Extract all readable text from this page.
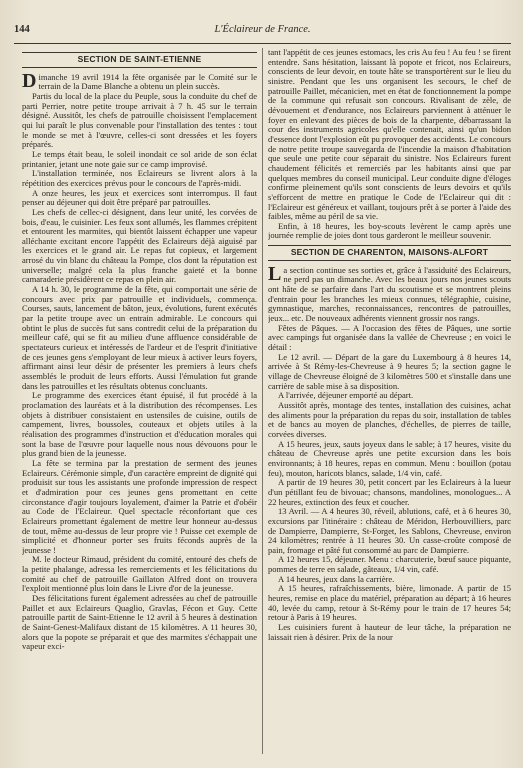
144	L'Éclaireur de France.
SECTION DE SAINT-ETIENNE

Dimanche 19 avril 1914 la fête organisée par le Comité sur le terrain de la Dame Blanche a obtenu un plein succès.

Partis du local de la place du Peuple, sous la conduite du chef de parti Perrier, notre petite troupe arrivait à 7 h. 45 sur le terrain désigné. Aussitôt, les chefs de patrouille choisissent l'emplacement qui lui paraît le plus convenable pour l'installation des tentes : tout le monde se met à l'œuvre, celles-ci sont dressées et les foyers préparés.

Le temps était beau, le soleil inondait ce sol aride de son éclat printanier, jetant une note gaie sur ce camp improvisé.

L'installation terminée, nos Eclaireurs se livrent alors à la répétition des exercices prévus pour le concours de l'après-midi.

A onze heures, les jeux et exercices sont interrompus. Il faut penser au déjeuner qui doit être préparé par patrouilles.

Les chefs de cellec-ci désignent, dans leur unité, les corvées de bois, d'eau, le cuisinier. Les feux sont allumés, les flammes crépitent et entourent les marmites, qui bientôt laissent échapper une vapeur alléchante excitant encore l'appétit des Eclaireurs déjà aiguisé par les exercices et le grand air. Le repas fut copieux, et largement arrosé du vin blanc du château la Pompe, clos dont la réputation est universelle; malgré cela la plus franche gaieté et la bonne camaraderie présidèrent ce repas en plein air.

A 14 h. 30, le programme de la fête, qui comportait une série de concours avec prix par patrouille et individuels, commença. Courses, sauts, lancement de bâton, jeux, évolutions, furent exécutés par la petite troupe avec un entrain admirable. Le concours qui obtint le plus de succès fut sans contredit celui de la préparation du meilleur café, qui se fit au milieu d'une affluence considérable de spectateurs curieux et intéressés de l'ardeur et de l'esprit d'initiative de ces jeunes gens s'employant de leur mieux à activer leurs foyers, affirmant ainsi leur désir de présenter les premiers à leurs chefs assemblés le produit de leurs efforts. Aussi l'émulation fut grande dans les patrouilles et les résultats obtenus concluants.

Le programme des exercices étant épuisé, il fut procédé à la proclamation des lauréats et à la distribution des récompenses. Les objets à distribuer consistaient en ustensiles de cuisine, outils de campement, livres, boussoles, couteaux et objets utiles à la réalisation des programmes d'instruction et d'éducation morales qui sont la base de l'œuvre pour laquelle nous nous dévouons pour le plus grand bien de la jeunesse.

La fête se termina par la prestation de serment des jeunes Eclaireurs. Cérémonie simple, d'un caractère empreint de dignité qui produisit sur tous les assistants une profonde impression de respect et d'admiration pour ces jeunes gens promettant en cette circonstance d'agir toujours loyalement, d'aimer la Patrie et d'obéir au Code de l'Eclaireur. Quel spectacle réconfortant que ces Eclaireurs promettant également de mettre leur honneur au-dessus de tout, même au-dessus de leur propre vie ! Puisse cet exemple de simplicité et d'honneur porter ses fruits féconds auprès de la jeunesse !

M. le docteur Rimaud, président du comité, entouré des chefs de la petite phalange, adressa les remerciements et les félicitations du comité au chef de patrouille Gaillaton Alfred dont on trouvera l'exploit mentionné plus loin dans le Livre d'or de la jeunesse.

Des félicitations furent également adressées au chef de patrouille Paillet et aux Eclaireurs Quaglio, Gravlas, Fécon et Guy. Cette patrouille partit de Saint-Etienne le 12 avril à 5 heures à destination de Saint-Genest-Malifaux distant de 15 kilomètres. A 11 heures 30, alors que la popote se préparait et que des marmites s'échappait une vapeur exci-

tant l'appétit de ces jeunes estomacs, les cris Au feu ! Au feu ! se firent entendre. Sans hésitation, laissant là popote et fricot, nos Eclaireurs, conscients de leur devoir, en toute hâte se transportèrent sur le lieu du sinistre. Pendant que les uns organisent les secours, le chef de patrouille Paillet, mécanicien, met en état de fonctionnement la pompe de la commune qui refusait son concours. Rivalisant de zèle, de dévouement et d'endurance, nos Eclaireurs parviennent à atténuer le foyer en enlevant des pièces de bois de la charpente, débarrassant la cour des instruments agricoles qu'elle contenait, ainsi qu'un bidon d'essence dont l'explosion eût pu provoquer des accidents. Le concours de notre petite troupe sauvegarda de l'incendie la maison d'habitation que seule une petite cour séparait du sinistre. Nos Eclaireurs furent chaudement félicités et remerciés par les habitants ainsi que par quelques membres du conseil municipal. Leur conduite digne d'éloges confirme pleinement qu'ils sont conscients de leurs devoirs et qu'ils s'efforcent de mettre en pratique le Code de l'Eclaireur qui dit : l'Eclaireur est généreux et vaillant, toujours prêt à se porter à l'aide des faibles, même au péril de sa vie.

Enfin, à 18 heures, les boy-scouts levèrent le camp après une journée remplie de joies dont tous garderont le meilleur souvenir.

SECTION DE CHARENTON, MAISONS-ALFORT

La section continue ses sorties et, grâce à l'assiduité des Eclaireurs, ne perd pas un dimanche. Avec les beaux jours nos jeunes scouts ont hâte de se parfaire dans l'art du scoutisme et se montrent pleins d'entrain pour les branches les mieux connues, télégraphie, cuisine, gymnastique, marches, reconnaissances, rencontres de patrouilles, jeux... etc. De nouveaux adhérents viennent grossir nos rangs.

Fêtes de Pâques. — A l'occasion des fêtes de Pâques, une sortie avec campings fut organisée dans la vallée de Chevreuse ; en voici le détail :

Le 12 avril. — Départ de la gare du Luxembourg à 8 heures 14, arrivée à St Rémy-les-Chevreuse à 9 heures 5; la section gagne le village de Chevreuse éloigné de 3 kilomètres 500 et s'installe dans une carrière de sable mise à sa disposition.

A l'arrivée, déjeuner emporté au départ.

Aussitôt après, montage des tentes, installation des cuisines, achat des aliments pour la préparation du repas du soir, installation de tables et de bancs au moyen de planches, d'échelles, de pierres de taille, corvées diverses.

A 15 heures, jeux, sauts joyeux dans le sable; à 17 heures, visite du château de Chevreuse après une petite excursion dans les bois environnants; à 18 heures, repas en commun. Menu : bouillon (potau feu), mouton, haricots blancs, salade, 1/4 vin, café.

A partir de 19 heures 30, petit concert par les Eclaireurs à la lueur d'un pétillant feu de bivouac; chansons, mandolines, monologues... A 22 heures, extinction des feux et coucher.

13 Avril. — A 4 heures 30, réveil, ablutions, café, et à 6 heures 30, excursions par l'itinéraire : château de Méridon, Herbouvilliers, parc de Dampierre, Dampierre, St-Forget, les Sablons, Chevreuse, environ 24 kilomètres; rentrée à 11 heures 30. Un casse-croûte composé de pain, fromage et pâté fut consommé au parc de Dampierre.

A 12 heures 15, déjeuner. Menu : charcuterie, bœuf sauce piquante, pommes de terre en salade, gâteaux, 1/4 vin, café.

A 14 heures, jeux dans la carrière.

A 15 heures, rafraîchissements, bière, limonade. A partir de 15 heures, remise en place du matériel, préparation au départ; à 16 heures 40, levée du camp, retour à St-Rémy pour le train de 17 heures 54; retour à Paris à 19 heures.

Les cuisiniers furent à hauteur de leur tâche, la préparation ne laissait rien à désirer. Prix de la nour
